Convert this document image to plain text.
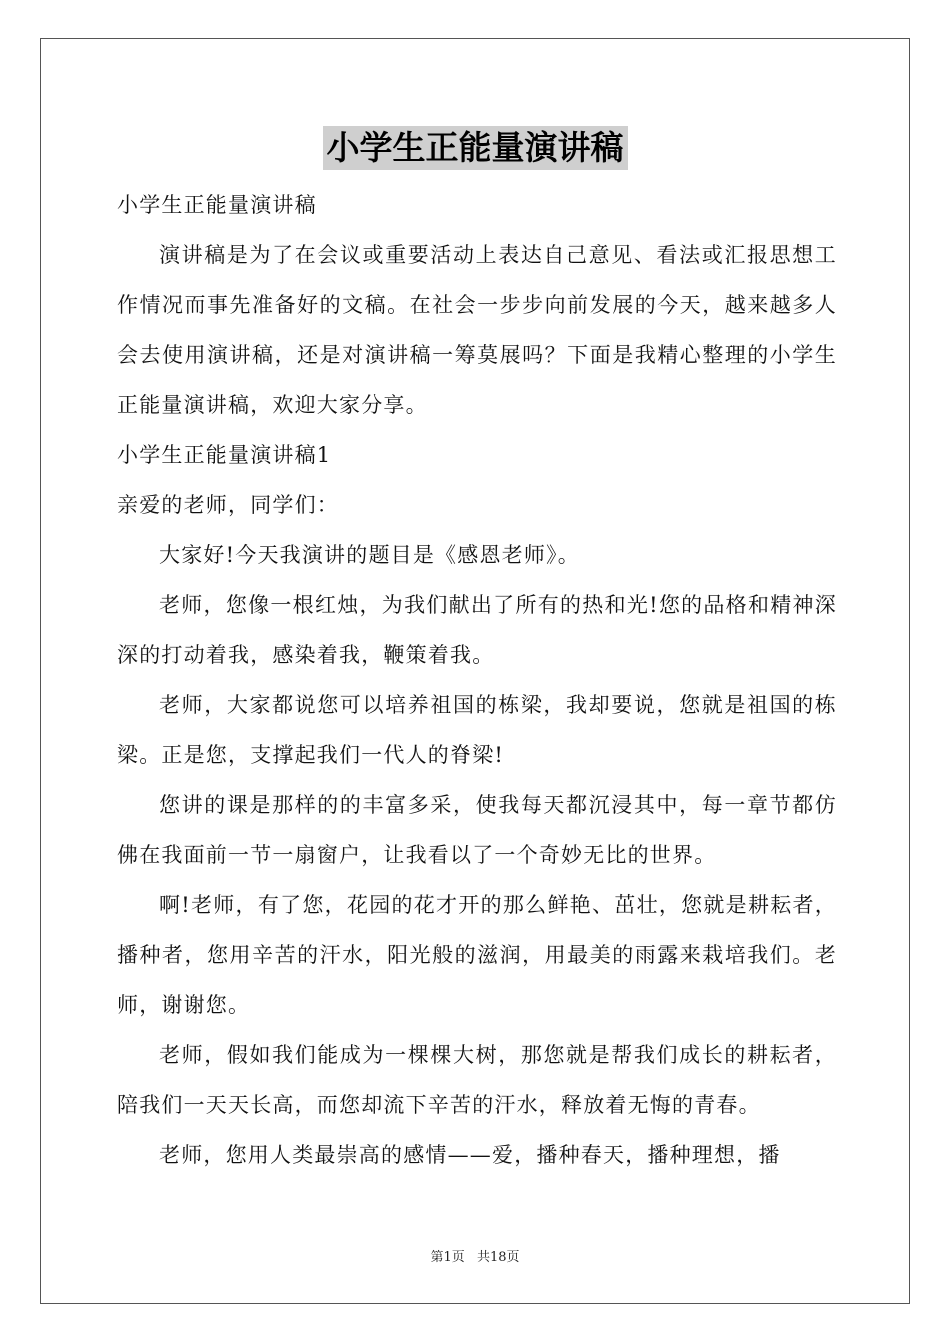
小学生正能量演讲稿

小学生正能量演讲稿

演讲稿是为了在会议或重要活动上表达自己意见、看法或汇报思想工作情况而事先准备好的文稿。在社会一步步向前发展的今天，越来越多人会去使用演讲稿，还是对演讲稿一筹莫展吗？下面是我精心整理的小学生正能量演讲稿，欢迎大家分享。

小学生正能量演讲稿1

亲爱的老师，同学们：

大家好!今天我演讲的题目是《感恩老师》。

老师，您像一根红烛，为我们献出了所有的热和光!您的品格和精神深深的打动着我，感染着我，鞭策着我。

老师，大家都说您可以培养祖国的栋梁，我却要说，您就是祖国的栋梁。正是您，支撑起我们一代人的脊梁!

您讲的课是那样的的丰富多采，使我每天都沉浸其中，每一章节都仿佛在我面前一节一扇窗户，让我看以了一个奇妙无比的世界。

啊!老师，有了您，花园的花才开的那么鲜艳、茁壮，您就是耕耘者，播种者，您用辛苦的汗水，阳光般的滋润，用最美的雨露来栽培我们。老师，谢谢您。

老师，假如我们能成为一棵棵大树，那您就是帮我们成长的耕耘者，陪我们一天天长高，而您却流下辛苦的汗水，释放着无悔的青春。

老师，您用人类最崇高的感情——爱，播种春天，播种理想，播

第1页 共18页
